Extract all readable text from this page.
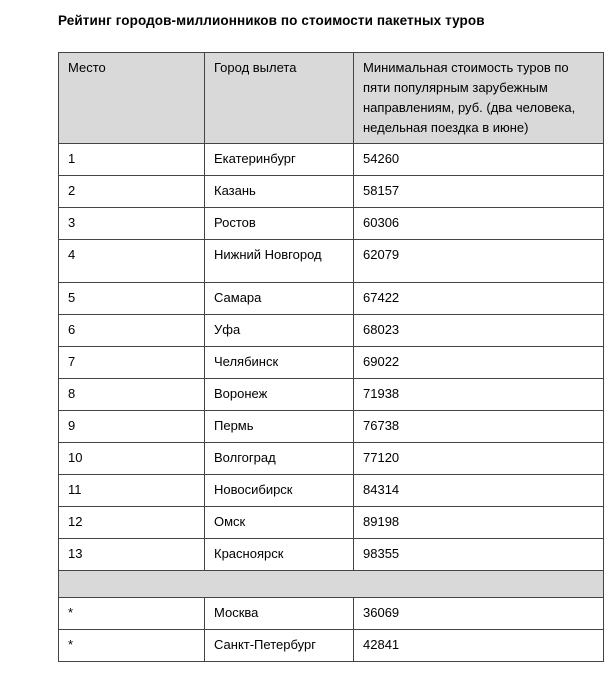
Рейтинг городов-миллионников по стоимости пакетных туров
Место	Город вылета	Минимальная стоимость туров по пяти популярным зарубежным направлениям, руб. (два человека, недельная поездка в июне)
1	Екатеринбург	54260
2	Казань	58157
3	Ростов	60306
4	Нижний Новгород	62079
5	Самара	67422
6	Уфа	68023
7	Челябинск	69022
8	Воронеж	71938
9	Пермь	76738
10	Волгоград	77120
11	Новосибирск	84314
12	Омск	89198
13	Красноярск	98355

*	Москва	36069
*	Санкт-Петербург	42841
